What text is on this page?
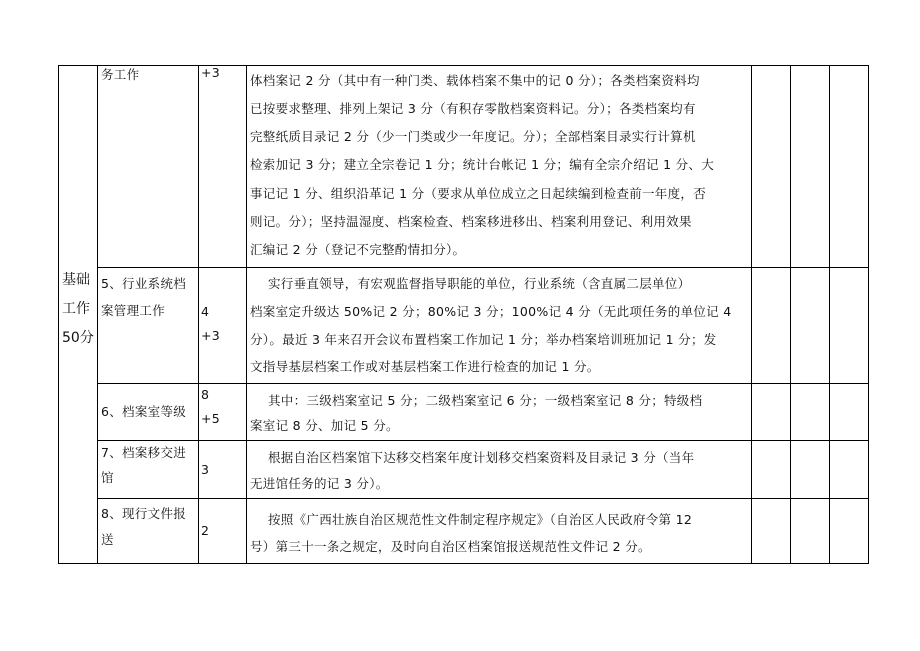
基础
工作
50分
务工作	+3
体档案记 2 分（其中有一种门类、载体档案不集中的记 0 分）；各类档案资料均
已按要求整理、排列上架记 3 分（有积存零散档案资料记。分）；各类档案均有
完整纸质目录记 2 分（少一门类或少一年度记。分）；全部档案目录实行计算机
检索加记 3 分；建立全宗卷记 1 分；统计台帐记 1 分；编有全宗介绍记 1 分、大
事记记 1 分、组织沿革记 1 分（要求从单位成立之日起续编到检查前一年度，否
则记。分）；坚持温湿度、档案检查、档案移进移出、档案利用登记、利用效果
汇编记 2 分（登记不完整酌情扣分）。
5、行业系统档
案管理工作	4
+3
实行垂直领导，有宏观监督指导职能的单位，行业系统（含直属二层单位）
档案室定升级达 50%记 2 分；80%记 3 分；100%记 4 分（无此项任务的单位记 4
分）。最近 3 年来召开会议布置档案工作加记 1 分；举办档案培训班加记 1 分；发
文指导基层档案工作或对基层档案工作进行检查的加记 1 分。
6、档案室等级
8
+5
其中：三级档案室记 5 分；二级档案室记 6 分；一级档案室记 8 分；特级档
案室记 8 分、加记 5 分。
7、档案移交进
馆
3
根据自治区档案馆下达移交档案年度计划移交档案资料及目录记 3 分（当年
无进馆任务的记 3 分）。
8、现行文件报
送
2
按照《广西壮族自治区规范性文件制定程序规定》（自治区人民政府令第 12
号）第三十一条之规定，及时向自治区档案馆报送规范性文件记 2 分。
